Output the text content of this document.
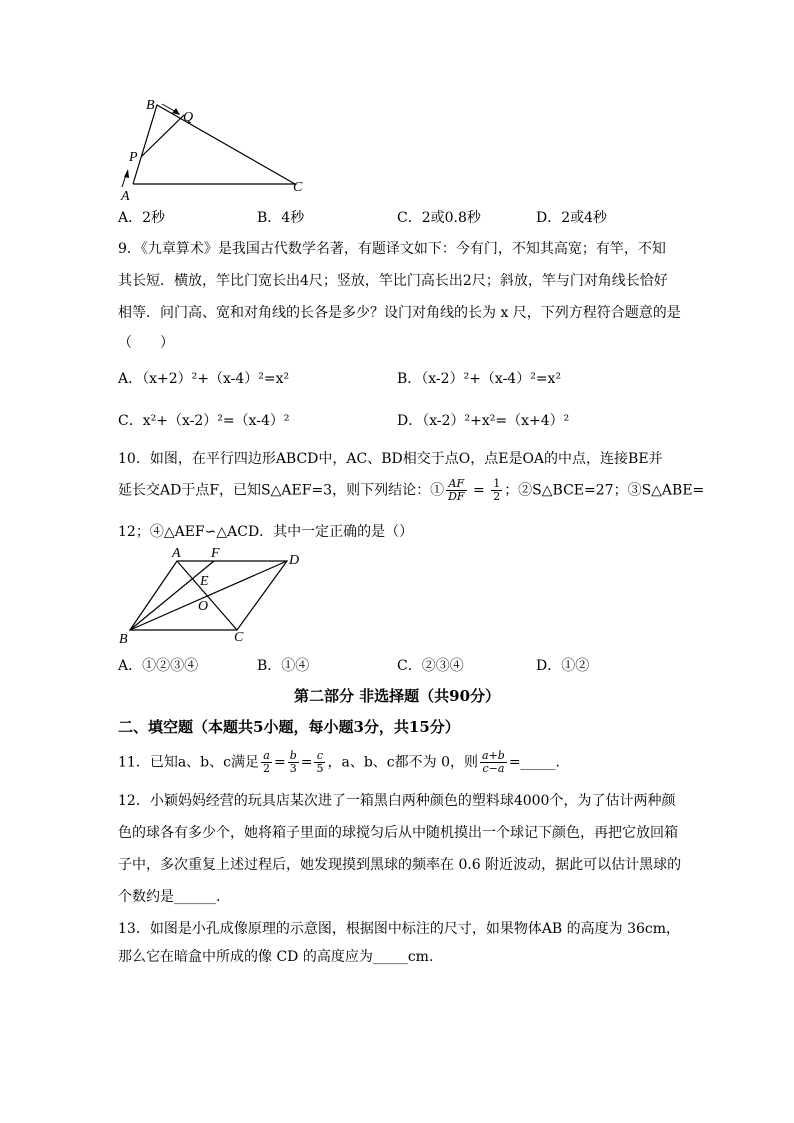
B
Q
P
A
C
A．2秒	B．4秒	C．2或0.8秒	D．2或4秒
9．《九章算术》是我国古代数学名著，有题译文如下：今有门，不知其高宽；有竿，不知
其长短．横放，竿比门宽长出4尺；竖放，竿比门高长出2尺；斜放，竿与门对角线长恰好
相等．问门高、宽和对角线的长各是多少？设门对角线的长为 x 尺，下列方程符合题意的是
（　　）
A．（x+2）²+（x-4）²=x²	B．（x-2）²+（x-4）²=x²
C．x²+（x-2）²=（x-4）²	D．（x-2）²+x²=（x+4）²
10．如图，在平行四边形ABCD中，AC、BD相交于点O，点E是OA的中点，连接BE并
延长交AD于点F，已知S△AEF=3，则下列结论：① $\frac{AF}{DF} = \frac{1}{2}$ ；②S△BCE=27；③S△ABE=
12；④△AEF∽△ACD．其中一定正确的是（）
A F	D
E
O
B	C
A．①②③④	B．①④	C．②③④	D．①②
第二部分 非选择题（共90分）
二、填空题（本题共5小题，每小题3分，共15分）
11．已知a、b、c满足 $\frac{a}{2} = \frac{b}{3} = \frac{c}{5}$ ，a、b、c都不为 0，则 $\frac{a+b}{c-a}$ =_____.
12．小颖妈妈经营的玩具店某次进了一箱黑白两种颜色的塑料球4000个，为了估计两种颜
色的球各有多少个，她将箱子里面的球搅匀后从中随机摸出一个球记下颜色，再把它放回箱
子中，多次重复上述过程后，她发现摸到黑球的频率在 0.6 附近波动，据此可以估计黑球的
个数约是______.
13．如图是小孔成像原理的示意图，根据图中标注的尺寸，如果物体AB 的高度为 36cm，
那么它在暗盒中所成的像 CD 的高度应为_____cm.
